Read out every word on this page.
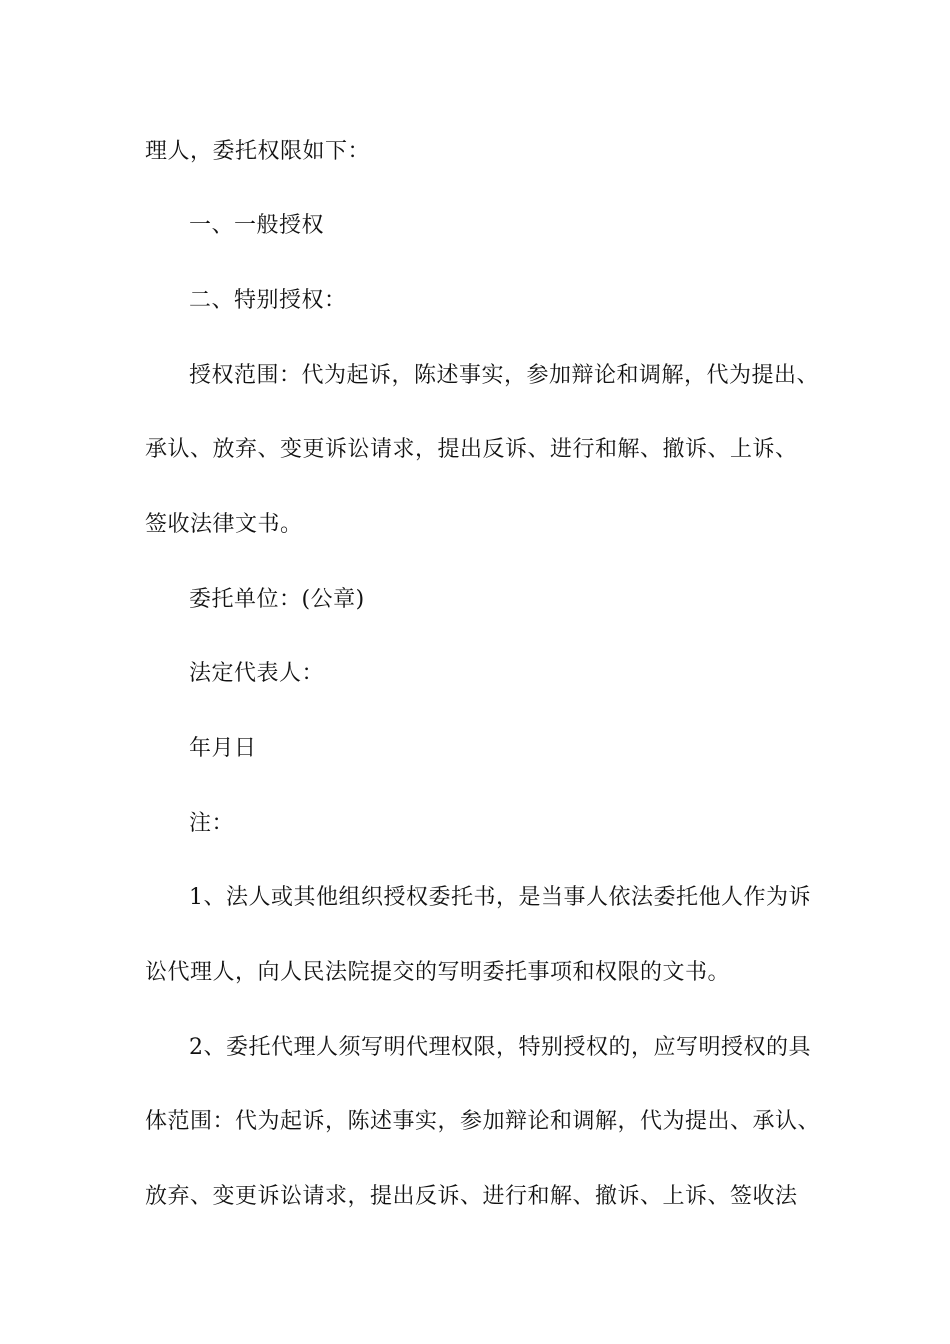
理人，委托权限如下：
一、一般授权
二、特别授权：
授权范围：代为起诉，陈述事实，参加辩论和调解，代为提出、
承认、放弃、变更诉讼请求，提出反诉、进行和解、撤诉、上诉、
签收法律文书。
委托单位：(公章)
法定代表人：
年月日
注：
1、法人或其他组织授权委托书，是当事人依法委托他人作为诉
讼代理人，向人民法院提交的写明委托事项和权限的文书。
2、委托代理人须写明代理权限，特别授权的，应写明授权的具
体范围：代为起诉，陈述事实，参加辩论和调解，代为提出、承认、
放弃、变更诉讼请求，提出反诉、进行和解、撤诉、上诉、签收法
